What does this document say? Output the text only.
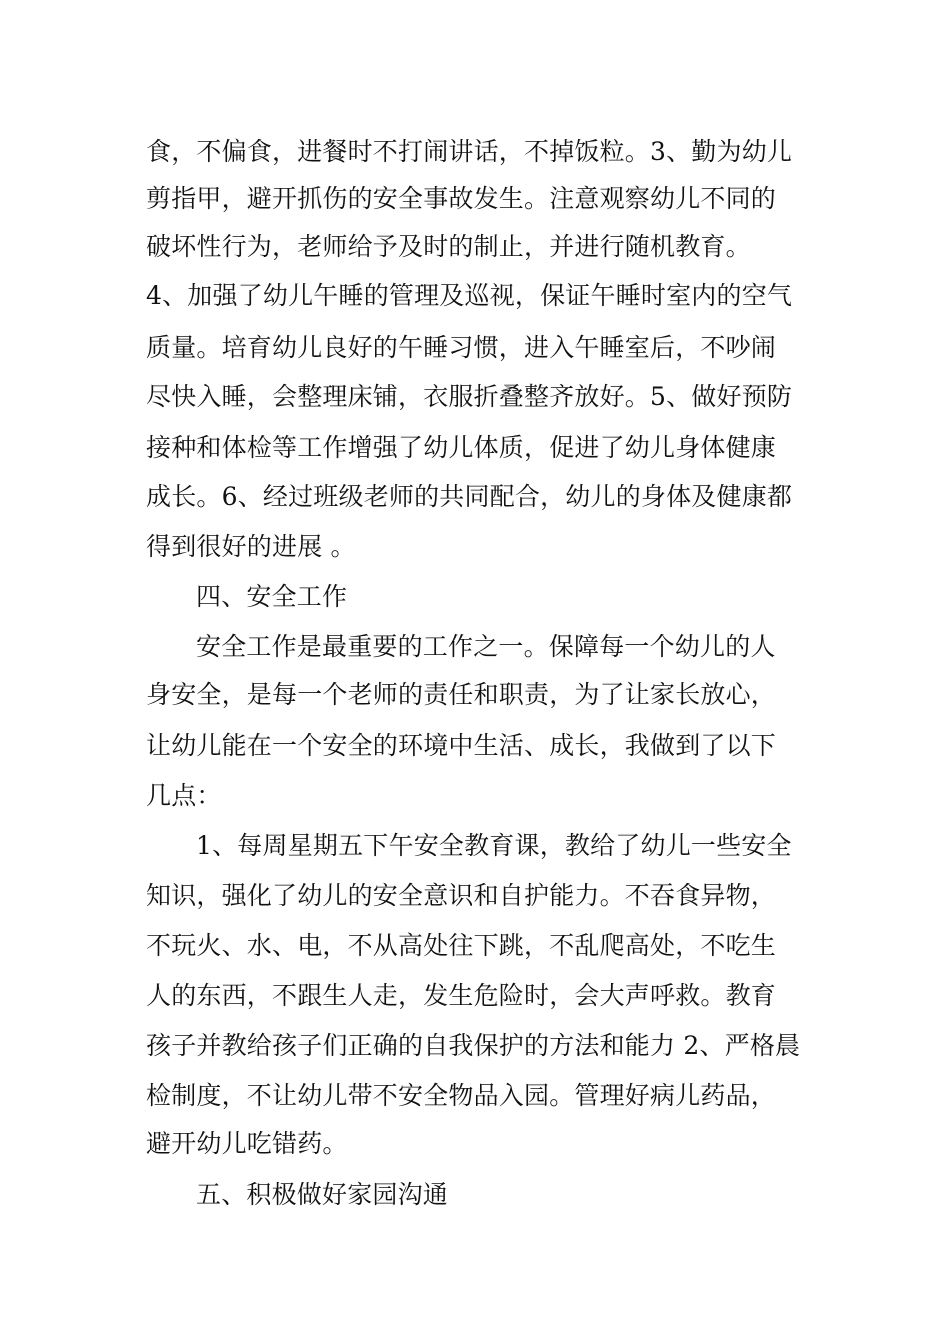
食，不偏食，进餐时不打闹讲话，不掉饭粒。3、勤为幼儿
剪指甲，避开抓伤的安全事故发生。注意观察幼儿不同的
破坏性行为，老师给予及时的制止，并进行随机教育。
4、加强了幼儿午睡的管理及巡视，保证午睡时室内的空气
质量。培育幼儿良好的午睡习惯，进入午睡室后，不吵闹
尽快入睡，会整理床铺，衣服折叠整齐放好。5、做好预防
接种和体检等工作增强了幼儿体质，促进了幼儿身体健康
成长。6、经过班级老师的共同配合，幼儿的身体及健康都
得到很好的进展 。
四、安全工作
安全工作是最重要的工作之一。保障每一个幼儿的人
身安全，是每一个老师的责任和职责，为了让家长放心，
让幼儿能在一个安全的环境中生活、成长，我做到了以下
几点：
1、每周星期五下午安全教育课，教给了幼儿一些安全
知识，强化了幼儿的安全意识和自护能力。不吞食异物，
不玩火、水、电，不从高处往下跳，不乱爬高处，不吃生
人的东西，不跟生人走，发生危险时，会大声呼救。教育
孩子并教给孩子们正确的自我保护的方法和能力 2、严格晨
检制度，不让幼儿带不安全物品入园。管理好病儿药品，
避开幼儿吃错药。
五、积极做好家园沟通
